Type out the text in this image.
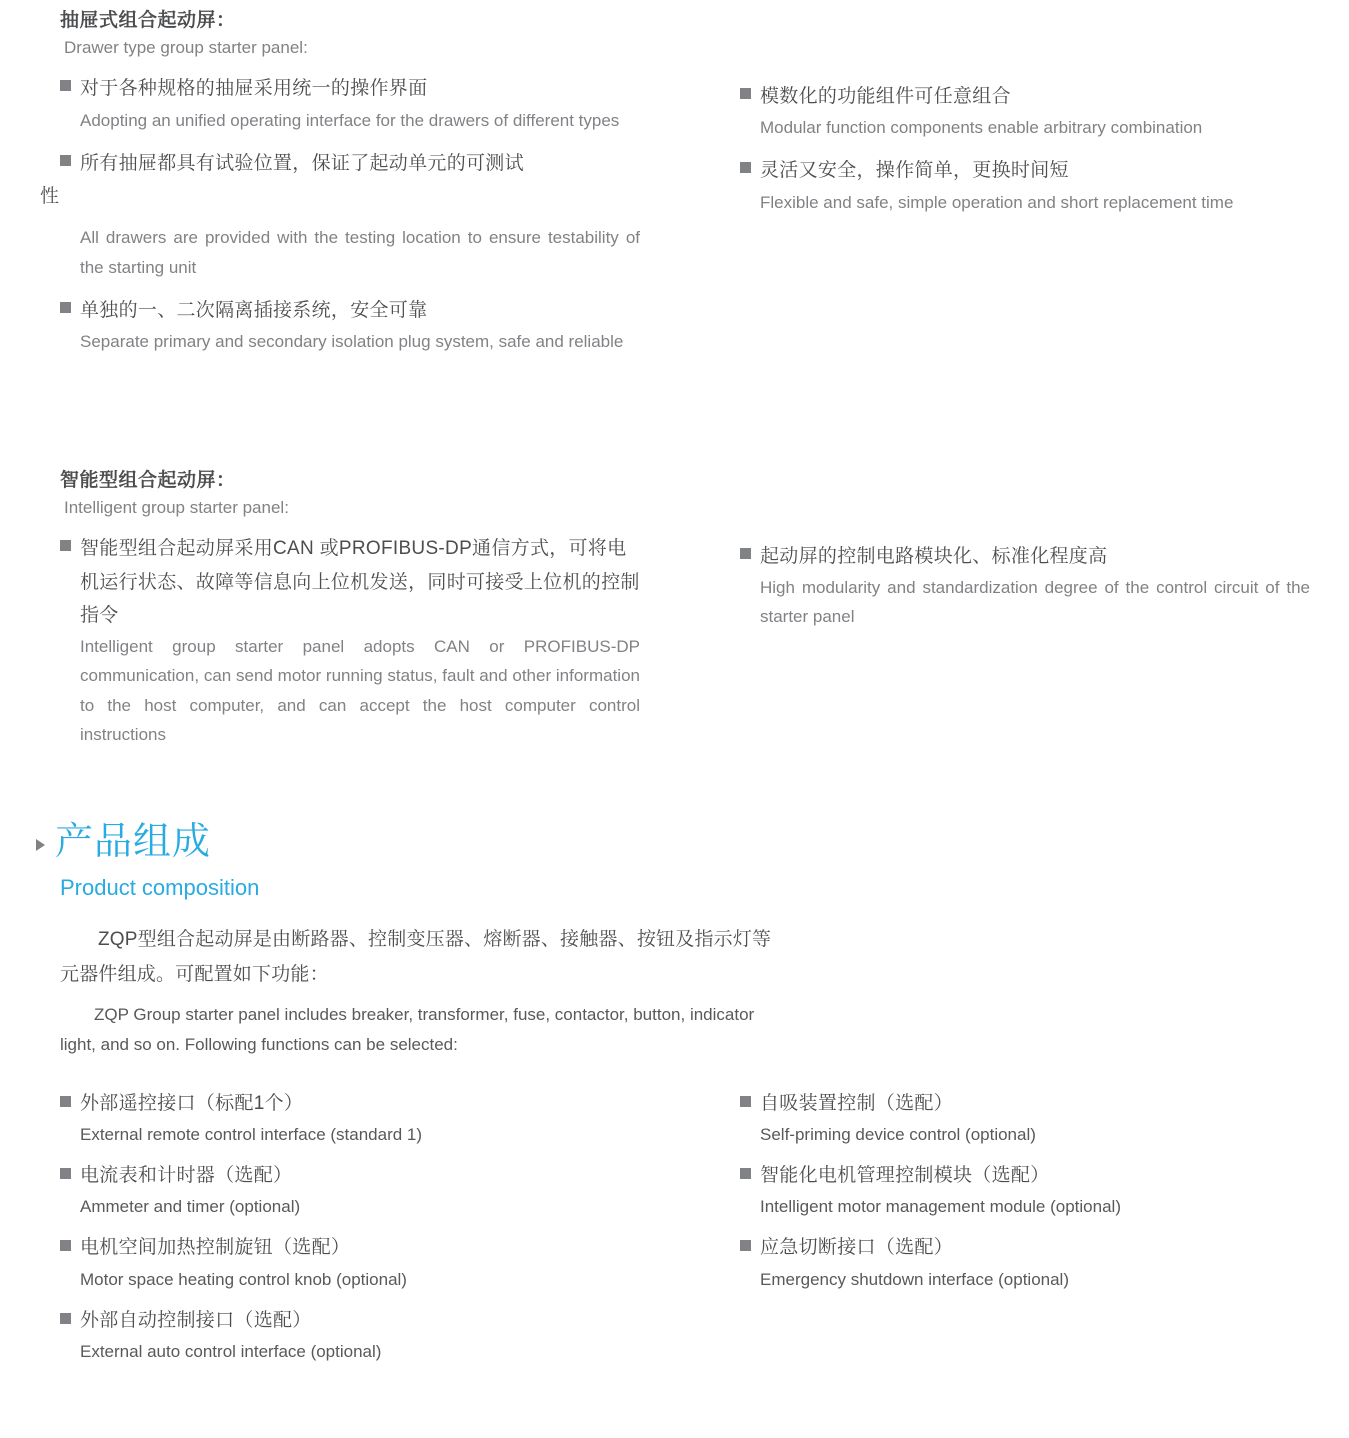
抽屉式组合起动屏：
Drawer type group starter panel:
对于各种规格的抽屉采用统一的操作界面
Adopting an unified operating interface for the drawers of different types
所有抽屉都具有试验位置，保证了起动单元的可测试
性
All drawers are provided with the testing location to ensure testability of the starting unit
单独的一、二次隔离插接系统，安全可靠
Separate primary and secondary isolation plug system, safe and reliable
模数化的功能组件可任意组合
Modular function components enable arbitrary combination
灵活又安全，操作简单，更换时间短
Flexible and safe, simple operation and short replacement time
智能型组合起动屏：
Intelligent group starter panel:
智能型组合起动屏采用CAN 或PROFIBUS-DP通信方式，可将电机运行状态、故障等信息向上位机发送，同时可接受上位机的控制指令
Intelligent group starter panel adopts CAN or PROFIBUS-DP communication, can send motor running status, fault and other information to the host computer, and can accept the host computer control instructions
起动屏的控制电路模块化、标准化程度高
High modularity and standardization degree of the control circuit of the starter panel
产品组成
Product composition
ZQP型组合起动屏是由断路器、控制变压器、熔断器、接触器、按钮及指示灯等
元器件组成。可配置如下功能：
ZQP Group starter panel includes breaker, transformer, fuse, contactor, button, indicator
light, and so on. Following functions can be selected:
外部遥控接口（标配1个）
External remote control interface (standard 1)
电流表和计时器（选配）
Ammeter and timer (optional)
电机空间加热控制旋钮（选配）
Motor space heating control knob (optional)
外部自动控制接口（选配）
External auto control interface (optional)
自吸装置控制（选配）
Self-priming device control (optional)
智能化电机管理控制模块（选配）
Intelligent motor management module (optional)
应急切断接口（选配）
Emergency shutdown interface (optional)
